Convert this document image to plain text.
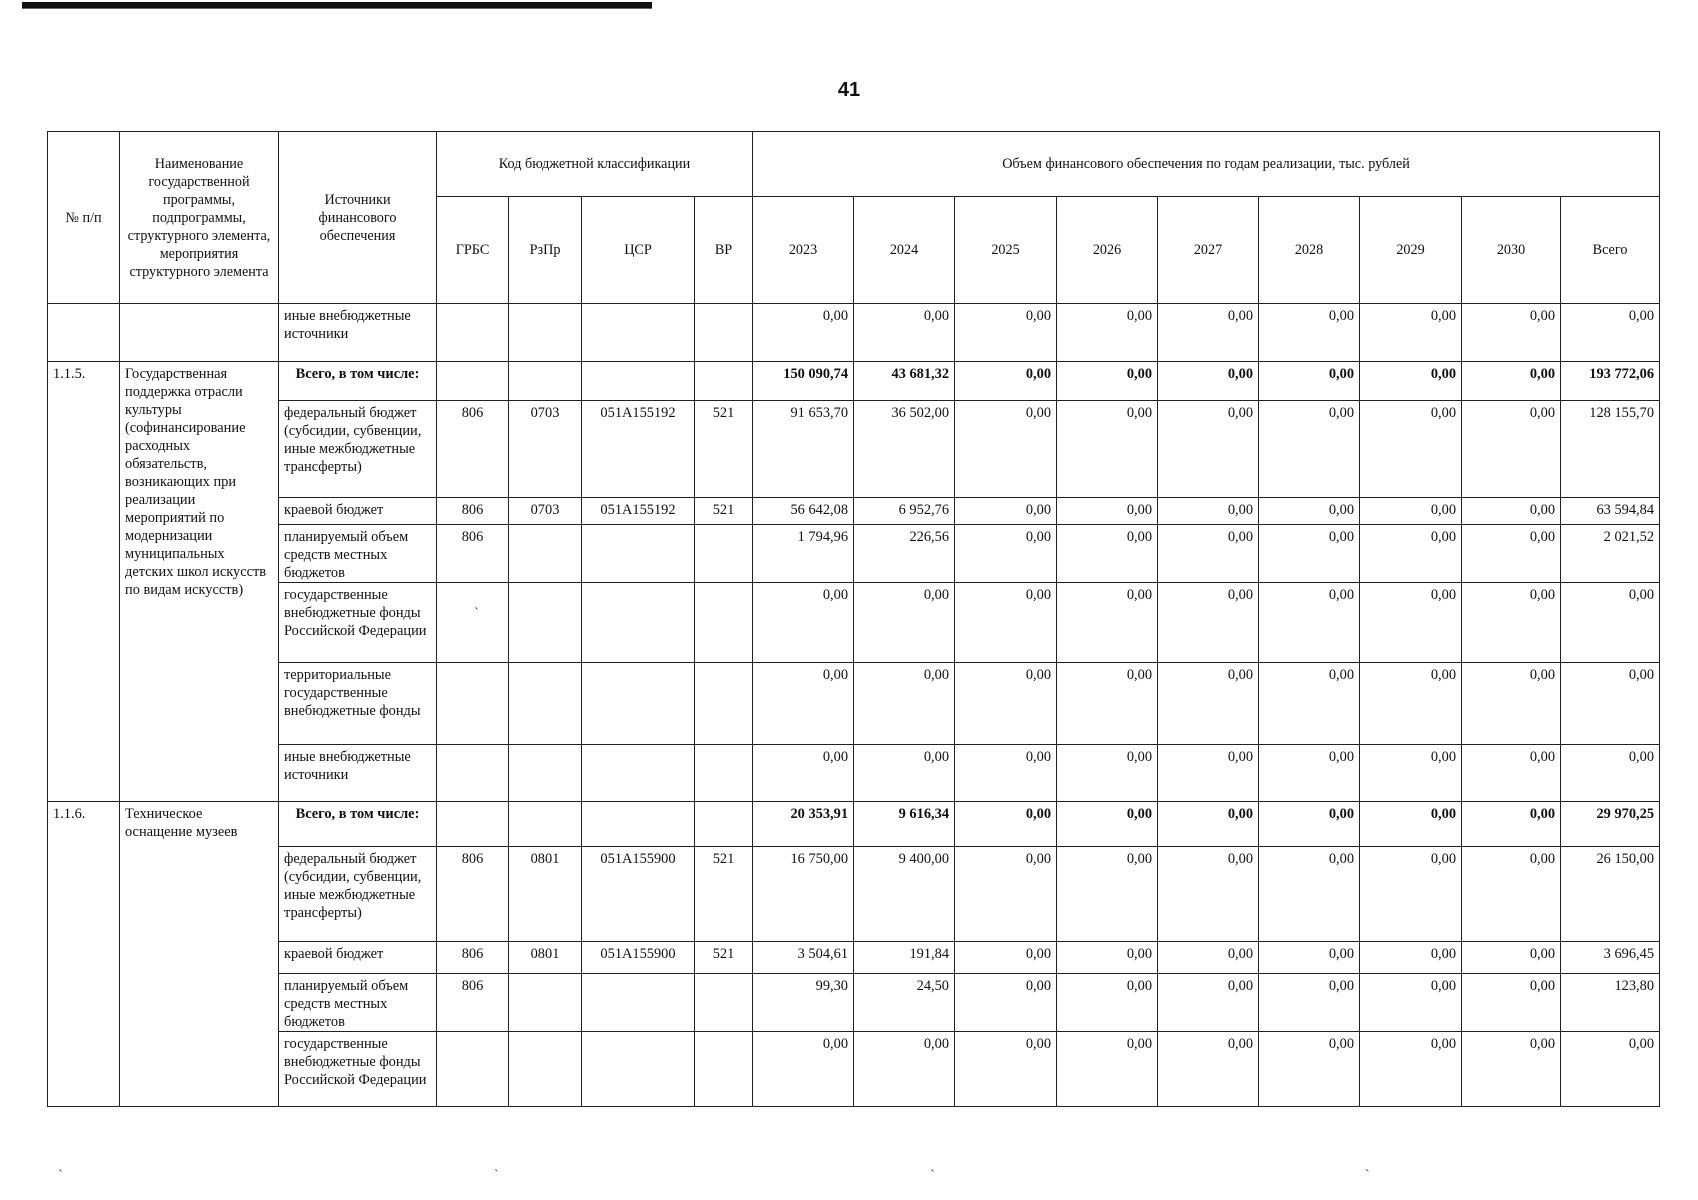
41
№ п/п	Наименование государственной программы, подпрограммы, структурного элемента, мероприятия структурного элемента	Источники финансового обеспечения	Код бюджетной классификации				Объем финансового обеспечения по годам реализации, тыс. рублей								
			ГРБС	РзПр	ЦСР	ВР	2023	2024	2025	2026	2027	2028	2029	2030	Всего
		иные внебюджетные источники					0,00	0,00	0,00	0,00	0,00	0,00	0,00	0,00	0,00
1.1.5.	Государственная поддержка отрасли культуры (софинансирование расходных обязательств, возникающих при реализации мероприятий по модернизации муниципальных детских школ искусств по видам искусств)	Всего, в том числе:					150 090,74	43 681,32	0,00	0,00	0,00	0,00	0,00	0,00	193 772,06
		федеральный бюджет (субсидии, субвенции, иные межбюджетные трансферты)	806	0703	051А155192	521	91 653,70	36 502,00	0,00	0,00	0,00	0,00	0,00	0,00	128 155,70
		краевой бюджет	806	0703	051А155192	521	56 642,08	6 952,76	0,00	0,00	0,00	0,00	0,00	0,00	63 594,84
		планируемый объем средств местных бюджетов	806				1 794,96	226,56	0,00	0,00	0,00	0,00	0,00	0,00	2 021,52
		государственные внебюджетные фонды Российской Федерации					0,00	0,00	0,00	0,00	0,00	0,00	0,00	0,00	0,00
		территориальные государственные внебюджетные фонды					0,00	0,00	0,00	0,00	0,00	0,00	0,00	0,00	0,00
		иные внебюджетные источники					0,00	0,00	0,00	0,00	0,00	0,00	0,00	0,00	0,00
1.1.6.	Техническое оснащение музеев	Всего, в том числе:					20 353,91	9 616,34	0,00	0,00	0,00	0,00	0,00	0,00	29 970,25
		федеральный бюджет (субсидии, субвенции, иные межбюджетные трансферты)	806	0801	051А155900	521	16 750,00	9 400,00	0,00	0,00	0,00	0,00	0,00	0,00	26 150,00
		краевой бюджет	806	0801	051А155900	521	3 504,61	191,84	0,00	0,00	0,00	0,00	0,00	0,00	3 696,45
		планируемый объем средств местных бюджетов	806				99,30	24,50	0,00	0,00	0,00	0,00	0,00	0,00	123,80
		государственные внебюджетные фонды Российской Федерации					0,00	0,00	0,00	0,00	0,00	0,00	0,00	0,00	0,00
`
`	`	`	`
